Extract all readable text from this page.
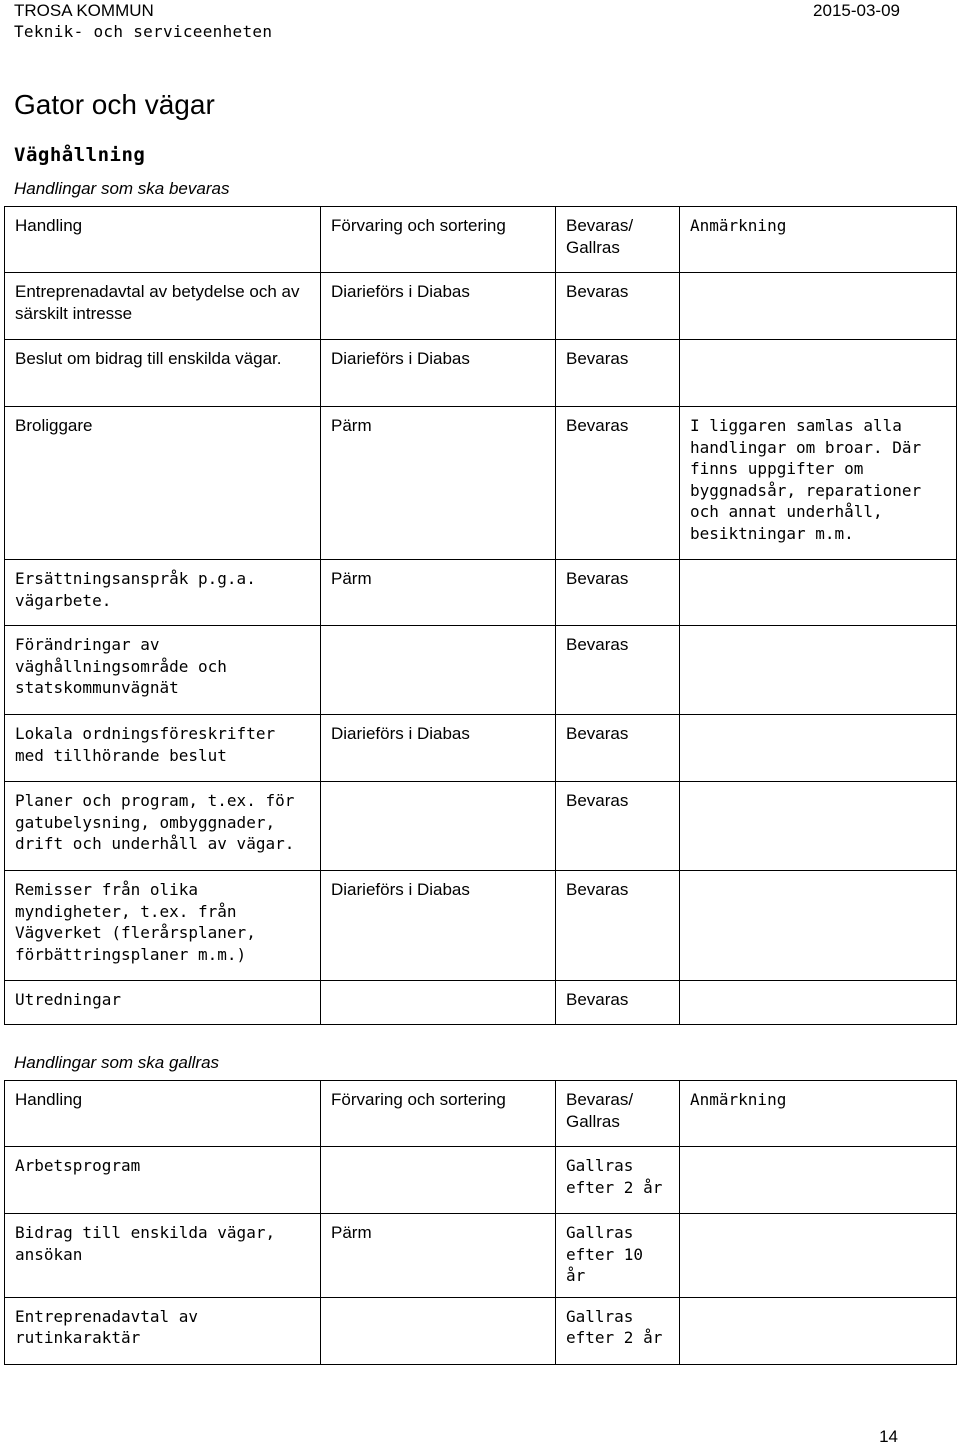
TROSA KOMMUN
Teknik- och serviceenheten
2015-03-09
Gator och vägar
Väghållning
Handlingar som ska bevaras
Handling	Förvaring och sortering	Bevaras/ Gallras	Anmärkning
Entreprenadavtal av betydelse och av särskilt intresse	Diarieförs i Diabas	Bevaras	
Beslut om bidrag till enskilda vägar.	Diarieförs i Diabas	Bevaras	
Broliggare	Pärm	Bevaras	I liggaren samlas alla handlingar om broar. Där finns uppgifter om byggnadsår, reparationer och annat underhåll, besiktningar m.m.
Ersättningsanspråk p.g.a. vägarbete.	Pärm	Bevaras	
Förändringar av väghållningsområde och statskommunvägnät		Bevaras	
Lokala ordningsföreskrifter med tillhörande beslut	Diarieförs i Diabas	Bevaras	
Planer och program, t.ex. för gatubelysning, ombyggnader, drift och underhåll av vägar.		Bevaras	
Remisser från olika myndigheter, t.ex. från Vägverket (flerårsplaner, förbättringsplaner m.m.)	Diarieförs i Diabas	Bevaras	
Utredningar		Bevaras	
Handlingar som ska gallras
Handling	Förvaring och sortering	Bevaras/ Gallras	Anmärkning
Arbetsprogram		Gallras efter 2 år	
Bidrag till enskilda vägar, ansökan	Pärm	Gallras efter 10 år	
Entreprenadavtal av rutinkaraktär		Gallras efter 2 år	
14
